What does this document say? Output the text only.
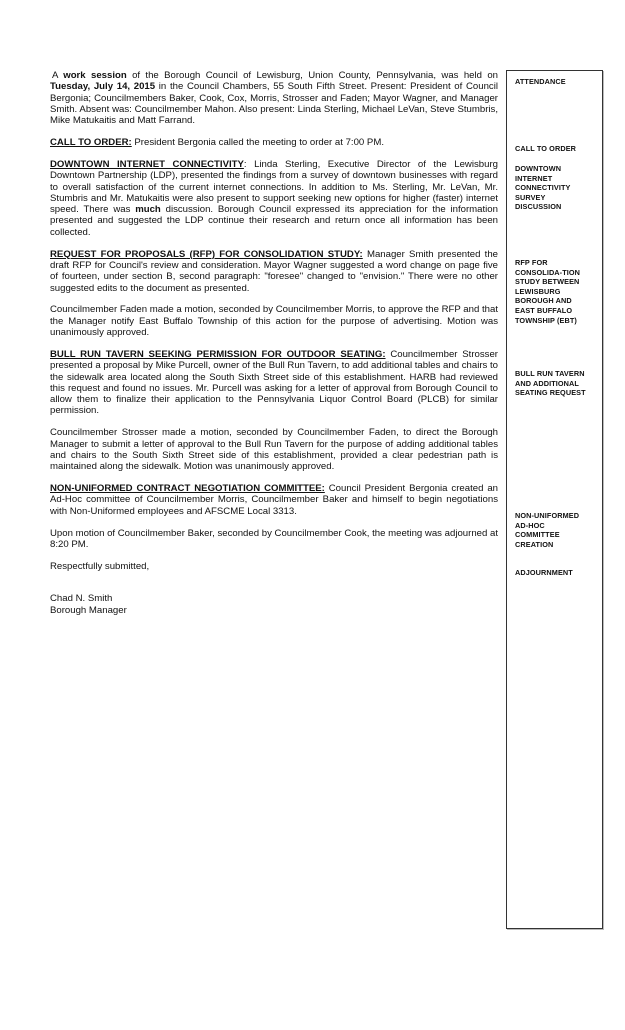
A work session of the Borough Council of Lewisburg, Union County, Pennsylvania, was held on Tuesday, July 14, 2015 in the Council Chambers, 55 South Fifth Street. Present: President of Council Bergonia; Councilmembers Baker, Cook, Cox, Morris, Strosser and Faden; Mayor Wagner, and Manager Smith. Absent was: Councilmember Mahon. Also present: Linda Sterling, Michael LeVan, Steve Stumbris, Mike Matukaitis and Matt Farrand.

CALL TO ORDER: President Bergonia called the meeting to order at 7:00 PM.

DOWNTOWN INTERNET CONNECTIVITY: Linda Sterling, Executive Director of the Lewisburg Downtown Partnership (LDP), presented the findings from a survey of downtown businesses with regard to overall satisfaction of the current internet connections. In addition to Ms. Sterling, Mr. LeVan, Mr. Stumbris and Mr. Matukaitis were also present to support seeking new options for higher (faster) internet speed. There was much discussion. Borough Council expressed its appreciation for the information presented and suggested the LDP continue their research and return once all information has been collected.

REQUEST FOR PROPOSALS (RFP) FOR CONSOLIDATION STUDY: Manager Smith presented the draft RFP for Council's review and consideration. Mayor Wagner suggested a word change on page five of fourteen, under section B, second paragraph: "foresee" changed to "envision." There were no other suggested edits to the document as presented.

Councilmember Faden made a motion, seconded by Councilmember Morris, to approve the RFP and that the Manager notify East Buffalo Township of this action for the purpose of advertising. Motion was unanimously approved.

BULL RUN TAVERN SEEKING PERMISSION FOR OUTDOOR SEATING: Councilmember Strosser presented a proposal by Mike Purcell, owner of the Bull Run Tavern, to add additional tables and chairs to the sidewalk area located along the South Sixth Street side of this establishment. HARB had reviewed this request and found no issues. Mr. Purcell was asking for a letter of approval from Borough Council to allow them to finalize their application to the Pennsylvania Liquor Control Board (PLCB) for similar permission.

Councilmember Strosser made a motion, seconded by Councilmember Faden, to direct the Borough Manager to submit a letter of approval to the Bull Run Tavern for the purpose of adding additional tables and chairs to the South Sixth Street side of this establishment, provided a clear pedestrian path is maintained along the sidewalk. Motion was unanimously approved.

NON-UNIFORMED CONTRACT NEGOTIATION COMMITTEE: Council President Bergonia created an Ad-Hoc committee of Councilmember Morris, Councilmember Baker and himself to begin negotiations with Non-Uniformed employees and AFSCME Local 3313.

Upon motion of Councilmember Baker, seconded by Councilmember Cook, the meeting was adjourned at 8:20 PM.

Respectfully submitted,

Chad N. Smith
Borough Manager
ATTENDANCE
CALL TO ORDER
DOWNTOWN
INTERNET
CONNECTIVITY
SURVEY
DISCUSSION
RFP FOR
CONSOLIDA-TION
STUDY BETWEEN
LEWISBURG
BOROUGH AND
EAST BUFFALO
TOWNSHIP (EBT)
BULL RUN TAVERN
AND ADDITIONAL
SEATING REQUEST
NON-UNIFORMED
AD-HOC
COMMITTEE
CREATION
ADJOURNMENT
